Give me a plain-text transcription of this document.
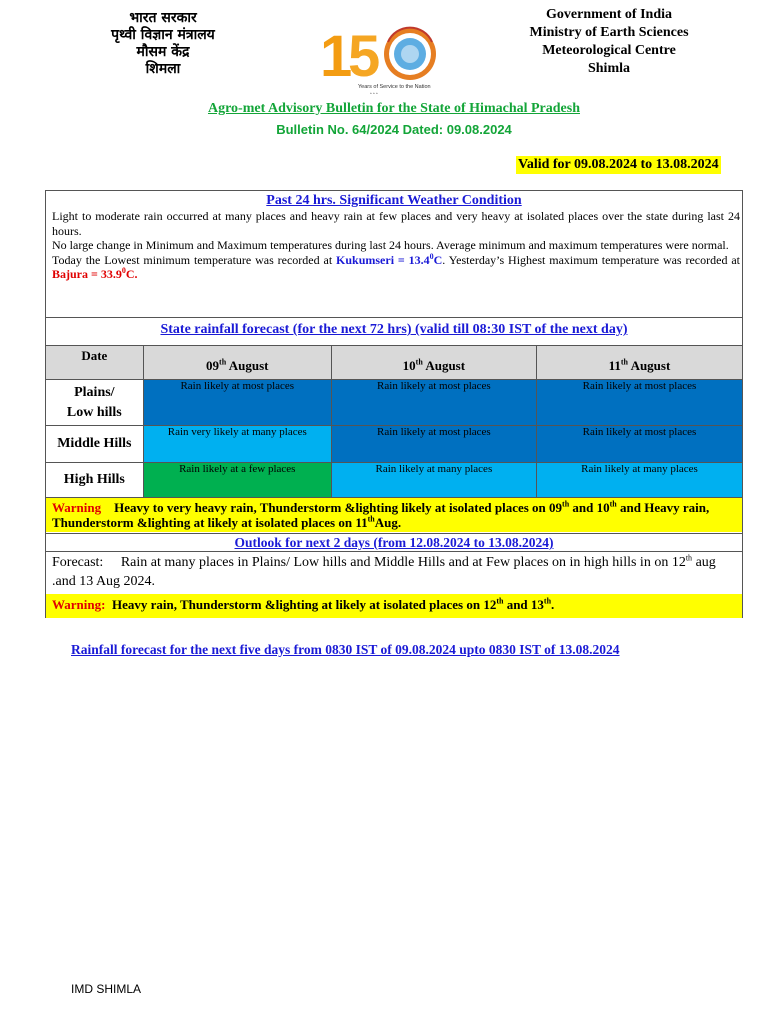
भारत सरकार
पृथ्वी विज्ञान मंत्रालय
मौसम केंद्र
शिमला	1
5
Years of Service to the Nation
॰ ॰ ॰
Government of India
Ministry of Earth Sciences
Meteorological Centre
Shimla
Agro-met Advisory Bulletin for the State of Himachal Pradesh
Bulletin No. 64/2024 Dated: 09.08.2024
Valid for 09.08.2024 to 13.08.2024
Past 24 hrs. Significant Weather Condition
Light to moderate rain occurred at many places and heavy rain at few places and very heavy at isolated places over the state during last 24 hours.
No large change in Minimum and Maximum temperatures during last 24 hours. Average minimum and maximum temperatures were normal.
Today the Lowest minimum temperature was recorded at Kukumseri = $13.4^0C$. Yesterday’s Highest maximum temperature was recorded at Bajura = $33.9^0C$.
State rainfall forecast (for the next 72 hrs) (valid till 08:30 IST of the next day)
Date	09th August	10th August	11th August

Plains/
Low hills	Rain likely at most places	Rain likely at most places	Rain likely at most places
Middle Hills	Rain very likely at many places	Rain likely at most places	Rain likely at most places
High Hills	Rain likely at a few places	Rain likely at many places	Rain likely at many places
Warning Heavy to very heavy rain, Thunderstorm &lighting likely at isolated places on 09th and 10th and Heavy rain, Thunderstorm &lighting at likely at isolated places on 11thAug.
Outlook for next 2 days (from 12.08.2024 to 13.08.2024)
Forecast: Rain at many places in Plains/ Low hills and Middle Hills and at Few places on in high hills in on 12th aug .and 13 Aug 2024.
Warning: Heavy rain, Thunderstorm &lighting at likely at isolated places on 12th and 13th.
Rainfall forecast for the next five days from 0830 IST of 09.08.2024 upto 0830 IST of 13.08.2024
IMD SHIMLA
